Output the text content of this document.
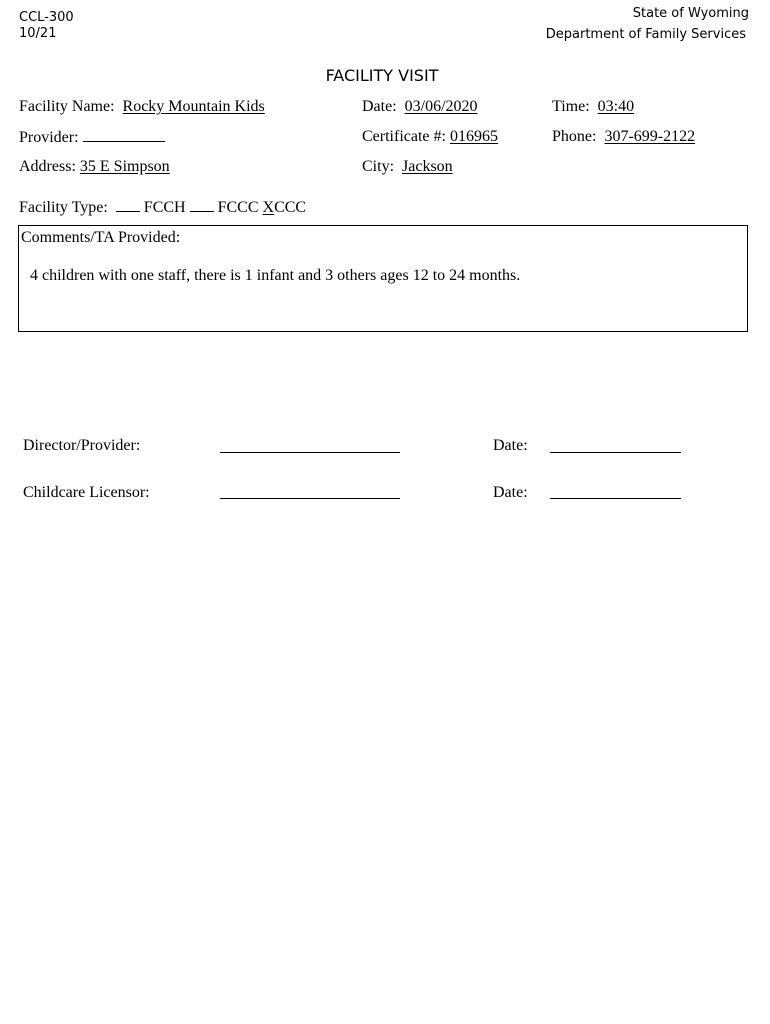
CCL-300
10/21
State of Wyoming
Department of Family Services
FACILITY VISIT
Facility Name: Rocky Mountain Kids	Date: 03/06/2020	Time: 03:40
Provider:	Certificate #: 016965	Phone: 307-699-2122
Address: 35 E Simpson	City: Jackson
Facility Type: FCCH FCCC XCCC
Comments/TA Provided:
4 children with one staff, there is 1 infant and 3 others ages 12 to 24 months.
Director/Provider:	Date:
Childcare Licensor:	Date:
